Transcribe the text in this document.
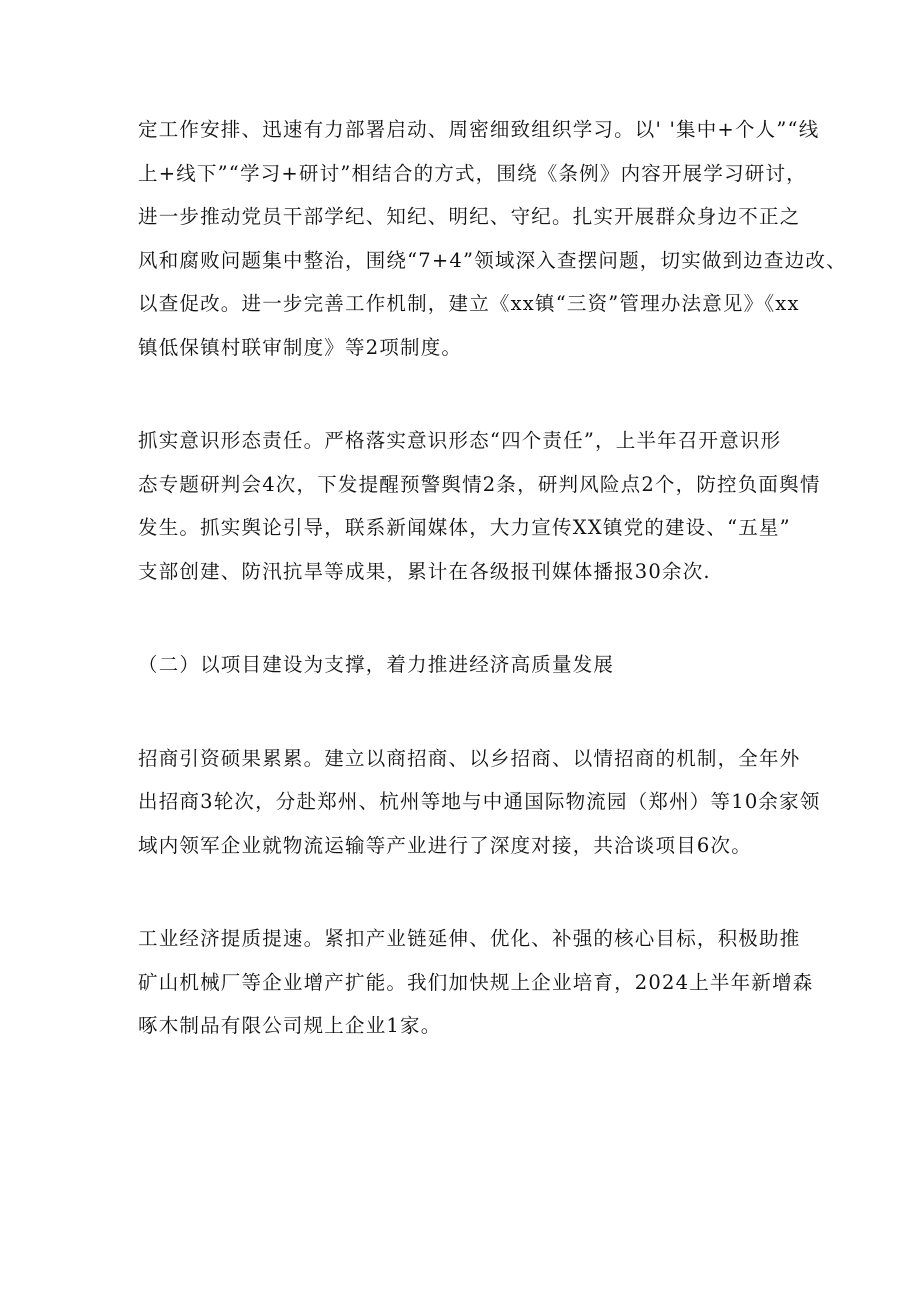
定工作安排、迅速有力部署启动、周密细致组织学习。以' '集中+个人”“线
上+线下”“学习+研讨”相结合的方式，围绕《条例》内容开展学习研讨，
进一步推动党员干部学纪、知纪、明纪、守纪。扎实开展群众身边不正之
风和腐败问题集中整治，围绕“7+4”领域深入查摆问题，切实做到边查边改、
以查促改。进一步完善工作机制，建立《xx镇“三资”管理办法意见》《xx
镇低保镇村联审制度》等2项制度。
抓实意识形态责任。严格落实意识形态“四个责任”，上半年召开意识形
态专题研判会4次，下发提醒预警舆情2条，研判风险点2个，防控负面舆情
发生。抓实舆论引导，联系新闻媒体，大力宣传XX镇党的建设、“五星”
支部创建、防汛抗旱等成果，累计在各级报刊媒体播报30余次.
（二）以项目建设为支撑，着力推进经济高质量发展
招商引资硕果累累。建立以商招商、以乡招商、以情招商的机制，全年外
出招商3轮次，分赴郑州、杭州等地与中通国际物流园（郑州）等10余家领
域内领军企业就物流运输等产业进行了深度对接，共洽谈项目6次。
工业经济提质提速。紧扣产业链延伸、优化、补强的核心目标，积极助推
矿山机械厂等企业增产扩能。我们加快规上企业培育，2024上半年新增森
啄木制品有限公司规上企业1家。
